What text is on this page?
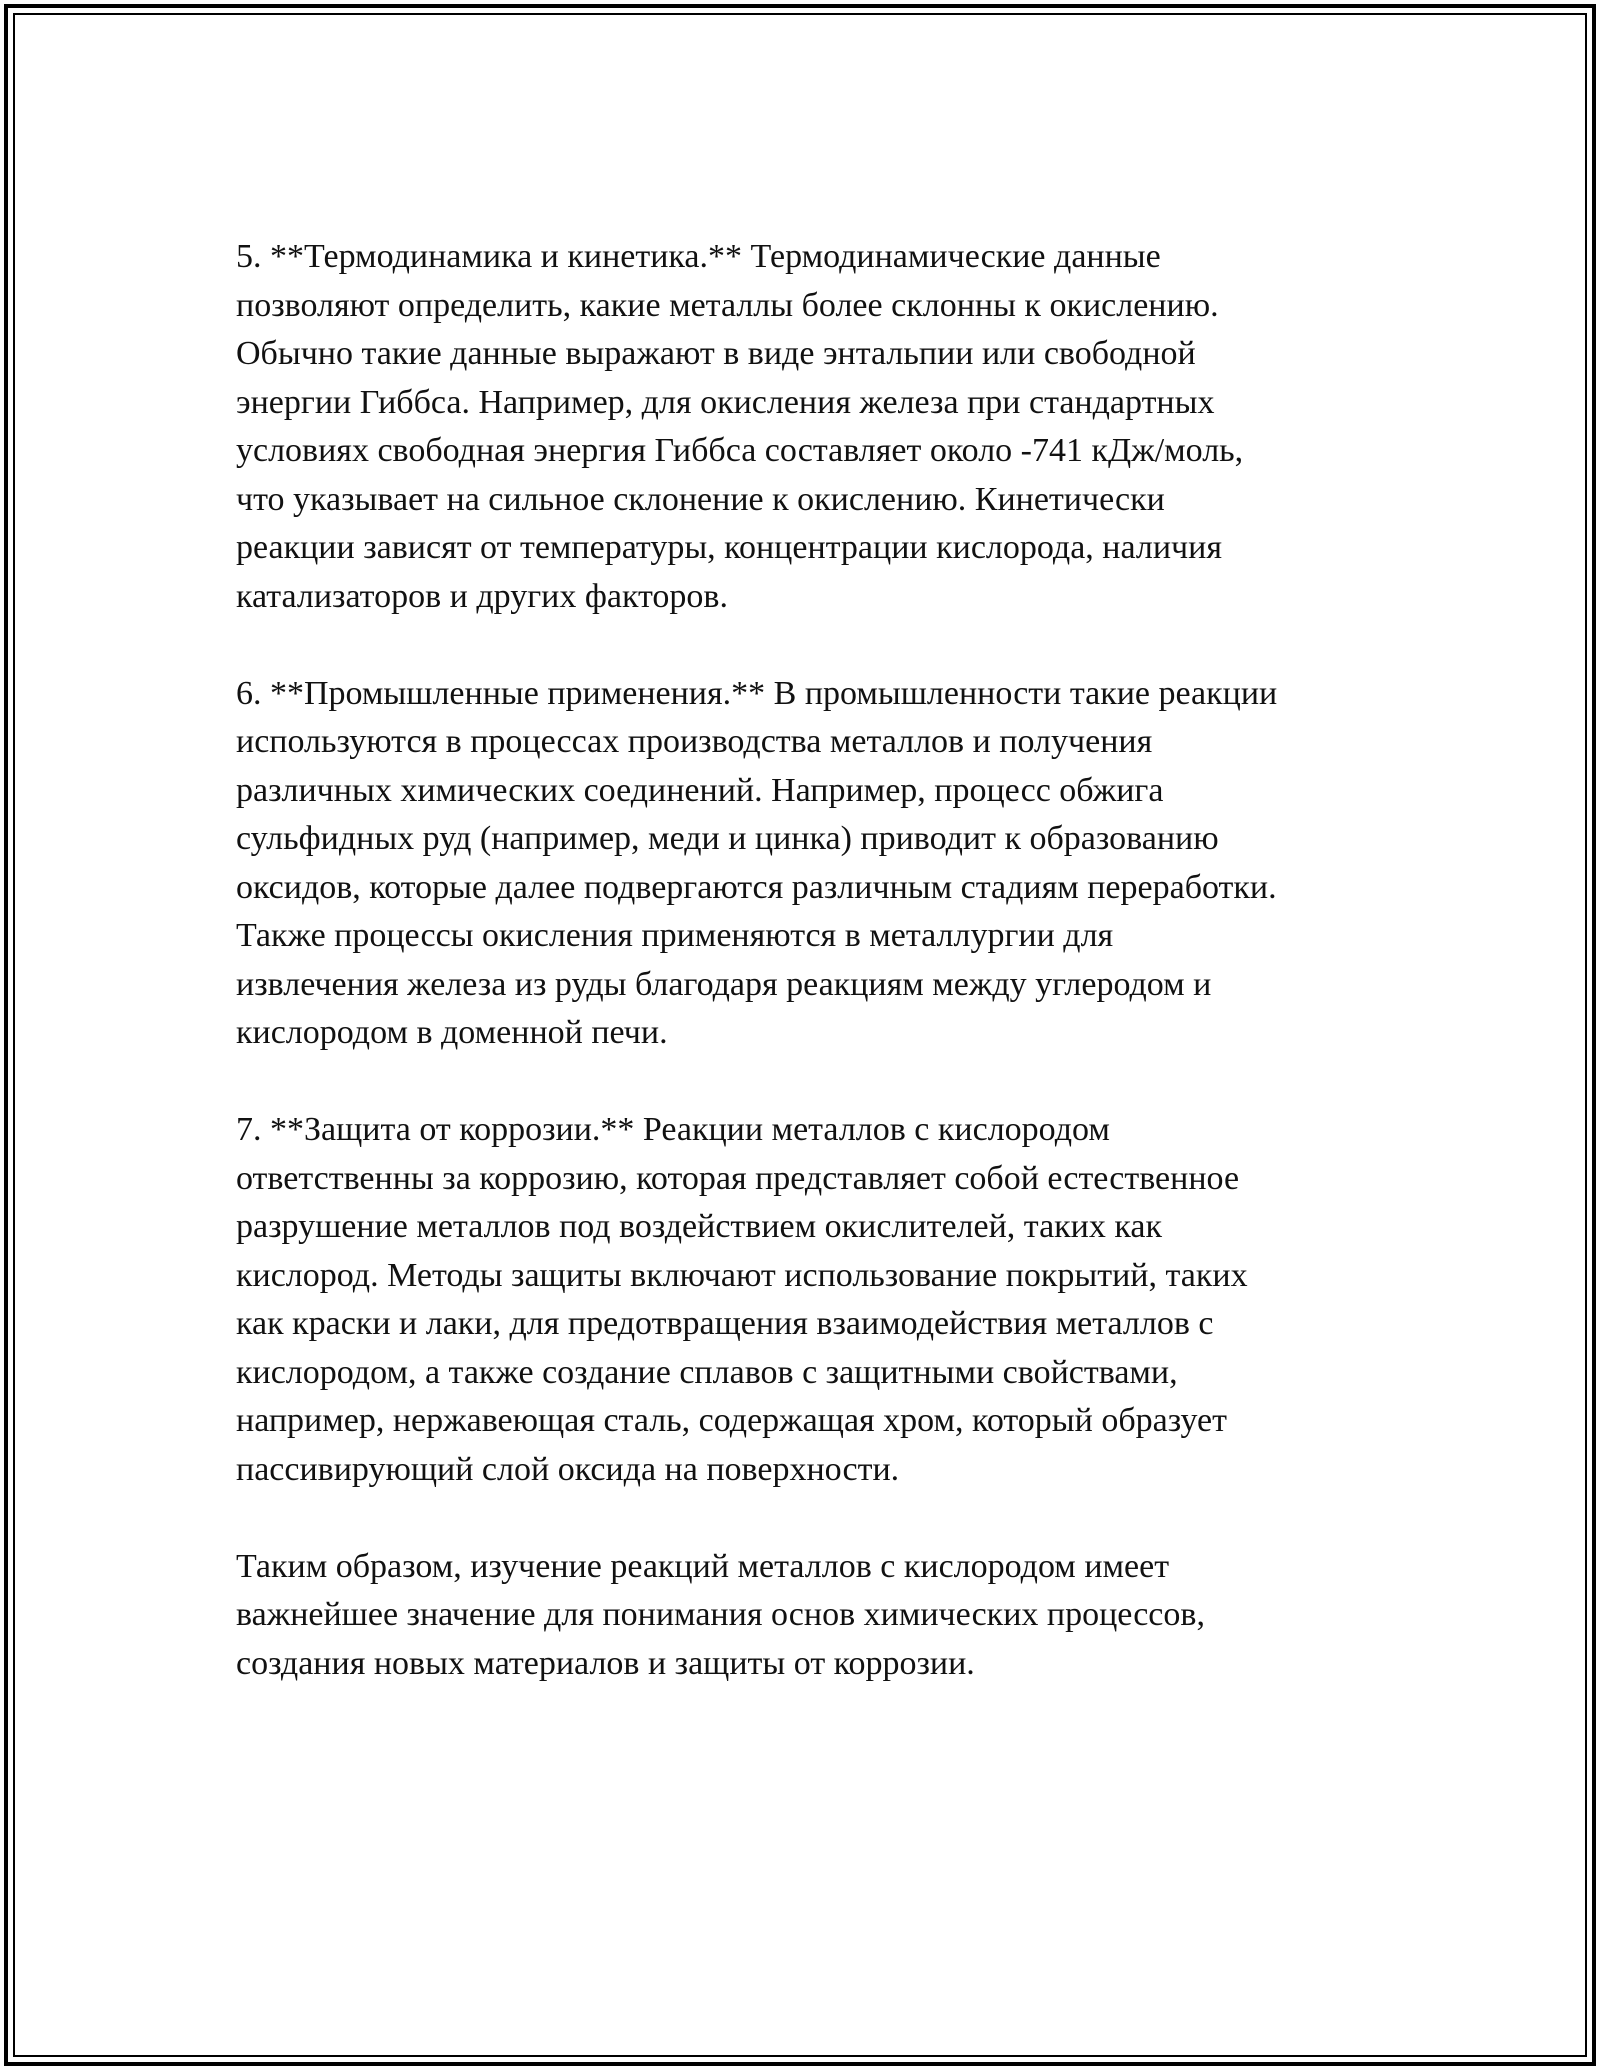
5. **Термодинамика и кинетика.** Термодинамические данные
позволяют определить, какие металлы более склонны к окислению.
Обычно такие данные выражают в виде энтальпии или свободной
энергии Гиббса. Например, для окисления железа при стандартных
условиях свободная энергия Гиббса составляет около -741 кДж/моль,
что указывает на сильное склонение к окислению. Кинетически
реакции зависят от температуры, концентрации кислорода, наличия
катализаторов и других факторов.

6. **Промышленные применения.** В промышленности такие реакции
используются в процессах производства металлов и получения
различных химических соединений. Например, процесс обжига
сульфидных руд (например, меди и цинка) приводит к образованию
оксидов, которые далее подвергаются различным стадиям переработки.
Также процессы окисления применяются в металлургии для
извлечения железа из руды благодаря реакциям между углеродом и
кислородом в доменной печи.

7. **Защита от коррозии.** Реакции металлов с кислородом
ответственны за коррозию, которая представляет собой естественное
разрушение металлов под воздействием окислителей, таких как
кислород. Методы защиты включают использование покрытий, таких
как краски и лаки, для предотвращения взаимодействия металлов с
кислородом, а также создание сплавов с защитными свойствами,
например, нержавеющая сталь, содержащая хром, который образует
пассивирующий слой оксида на поверхности.

Таким образом, изучение реакций металлов с кислородом имеет
важнейшее значение для понимания основ химических процессов,
создания новых материалов и защиты от коррозии.
